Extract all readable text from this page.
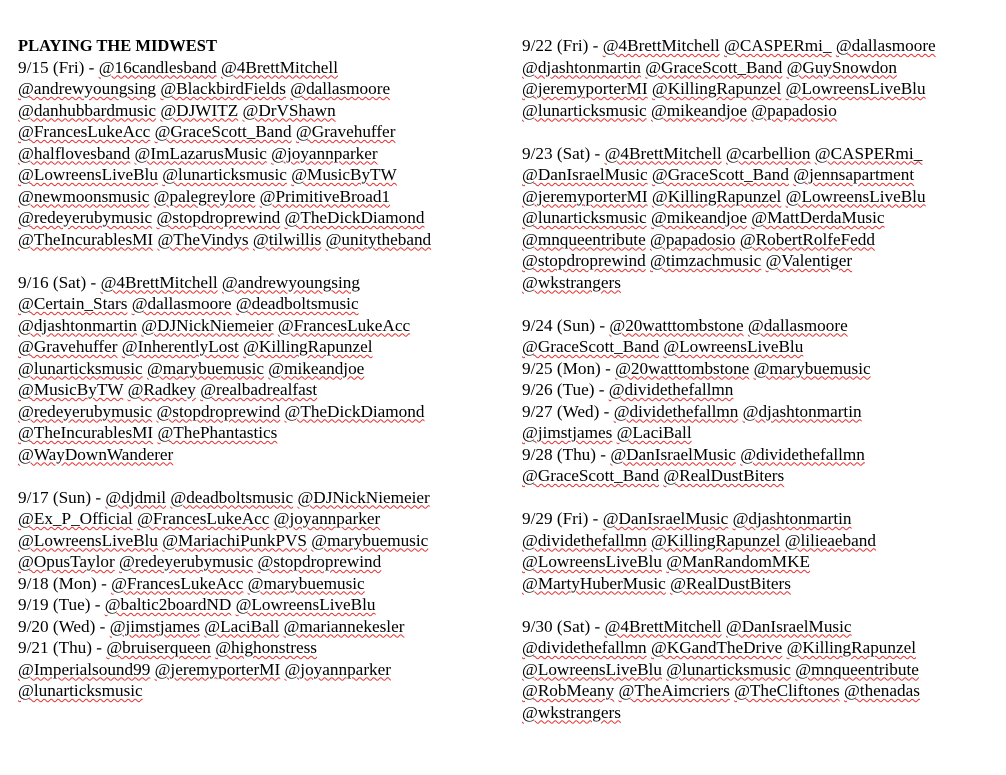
PLAYING THE MIDWEST
9/15 (Fri) - @16candlesband @4BrettMitchell
@andrewyoungsing @BlackbirdFields @dallasmoore
@danhubbardmusic @DJWITZ @DrVShawn
@FrancesLukeAcc @GraceScott_Band @Gravehuffer
@halflovesband @ImLazarusMusic @joyannparker
@LowreensLiveBlu @lunarticksmusic @MusicByTW
@newmoonsmusic @palegreylore @PrimitiveBroad1
@redeyerubymusic @stopdroprewind @TheDickDiamond
@TheIncurablesMI @TheVindys @tilwillis @unitytheband
9/16 (Sat) - @4BrettMitchell @andrewyoungsing
@Certain_Stars @dallasmoore @deadboltsmusic
@djashtonmartin @DJNickNiemeier @FrancesLukeAcc
@Gravehuffer @InherentlyLost @KillingRapunzel
@lunarticksmusic @marybuemusic @mikeandjoe
@MusicByTW @Radkey @realbadrealfast
@redeyerubymusic @stopdroprewind @TheDickDiamond
@TheIncurablesMI @ThePhantastics
@WayDownWanderer
9/17 (Sun) - @djdmil @deadboltsmusic @DJNickNiemeier
@Ex_P_Official @FrancesLukeAcc @joyannparker
@LowreensLiveBlu @MariachiPunkPVS @marybuemusic
@OpusTaylor @redeyerubymusic @stopdroprewind
9/18 (Mon) - @FrancesLukeAcc @marybuemusic
9/19 (Tue) - @baltic2boardND @LowreensLiveBlu
9/20 (Wed) - @jimstjames @LaciBall @mariannekesler
9/21 (Thu) - @bruiserqueen @highonstress
@Imperialsound99 @jeremyporterMI @joyannparker
@lunarticksmusic
9/22 (Fri) - @4BrettMitchell @CASPERmi_ @dallasmoore
@djashtonmartin @GraceScott_Band @GuySnowdon
@jeremyporterMI @KillingRapunzel @LowreensLiveBlu
@lunarticksmusic @mikeandjoe @papadosio
9/23 (Sat) - @4BrettMitchell @carbellion @CASPERmi_
@DanIsraelMusic @GraceScott_Band @jennsapartment
@jeremyporterMI @KillingRapunzel @LowreensLiveBlu
@lunarticksmusic @mikeandjoe @MattDerdaMusic
@mnqueentribute @papadosio @RobertRolfeFedd
@stopdroprewind @timzachmusic @Valentiger
@wkstrangers
9/24 (Sun) - @20watttombstone @dallasmoore
@GraceScott_Band @LowreensLiveBlu
9/25 (Mon) - @20watttombstone @marybuemusic
9/26 (Tue) - @dividethefallmn
9/27 (Wed) - @dividethefallmn @djashtonmartin
@jimstjames @LaciBall
9/28 (Thu) - @DanIsraelMusic @dividethefallmn
@GraceScott_Band @RealDustBiters
9/29 (Fri) - @DanIsraelMusic @djashtonmartin
@dividethefallmn @KillingRapunzel @lilieaeband
@LowreensLiveBlu @ManRandomMKE
@MartyHuberMusic @RealDustBiters
9/30 (Sat) - @4BrettMitchell @DanIsraelMusic
@dividethefallmn @KGandTheDrive @KillingRapunzel
@LowreensLiveBlu @lunarticksmusic @mnqueentribute
@RobMeany @TheAimcriers @TheCliftones @thenadas
@wkstrangers
